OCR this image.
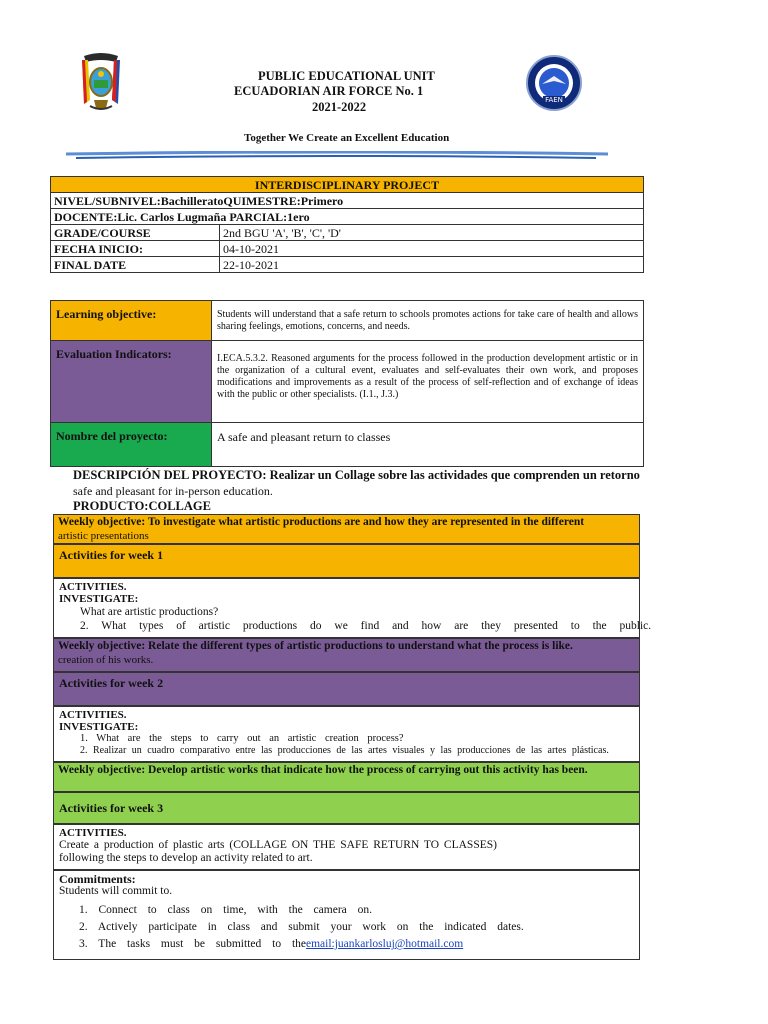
PUBLIC EDUCATIONAL UNIT
ECUADORIAN AIR FORCE No. 1
2021-2022	FAEN
Together We Create an Excellent Education
INTERDISCIPLINARY PROJECT	
NIVEL/SUBNIVEL:BachilleratoQUIMESTRE:Primero	
DOCENTE:Lic. Carlos Lugmaña PARCIAL:1ero	
GRADE/COURSE	2nd BGU 'A', 'B', 'C', 'D'
FECHA INICIO:	04-10-2021
FINAL DATE	22-10-2021
Learning objective:	Students will understand that a safe return to schools promotes actions for take care of health and allows sharing feelings, emotions, concerns, and needs.
Evaluation Indicators:	I.ECA.5.3.2. Reasoned arguments for the process followed in the production development artistic or in the organization of a cultural event, evaluates and self-evaluates their own work, and proposes modifications and improvements as a result of the process of self-reflection and of exchange of ideas with the public or other specialists. (I.1., J.3.)
Nombre del proyecto:	A safe and pleasant return to classes
DESCRIPCIÓN DEL PROYECTO: Realizar un Collage sobre las actividades que comprenden un retorno
safe and pleasant for in-person education.
PRODUCTO:COLLAGE
Weekly objective: To investigate what artistic productions are and how they are represented in the different
artistic presentations
Activities for week 1
ACTIVITIES.
INVESTIGATE:
What are artistic productions?
2. What types of artistic productions do we find and how are they presented to the public.
Weekly objective: Relate the different types of artistic productions to understand what the process is like.
creation of his works.
Activities for week 2
ACTIVITIES.
INVESTIGATE:
1. What are the steps to carry out an artistic creation process?
2. Realizar un cuadro comparativo entre las producciones de las artes visuales y las producciones de las artes plásticas.
Weekly objective: Develop artistic works that indicate how the process of carrying out this activity has been.
Activities for week 3
ACTIVITIES.
Create a production of plastic arts (COLLAGE ON THE SAFE RETURN TO CLASSES)
following the steps to develop an activity related to art.
Commitments:
Students will commit to.
1. Connect to class on time, with the camera on.
2. Actively participate in class and submit your work on the indicated dates.
3. The tasks must be submitted to theemail:juankarlosluj@hotmail.com
